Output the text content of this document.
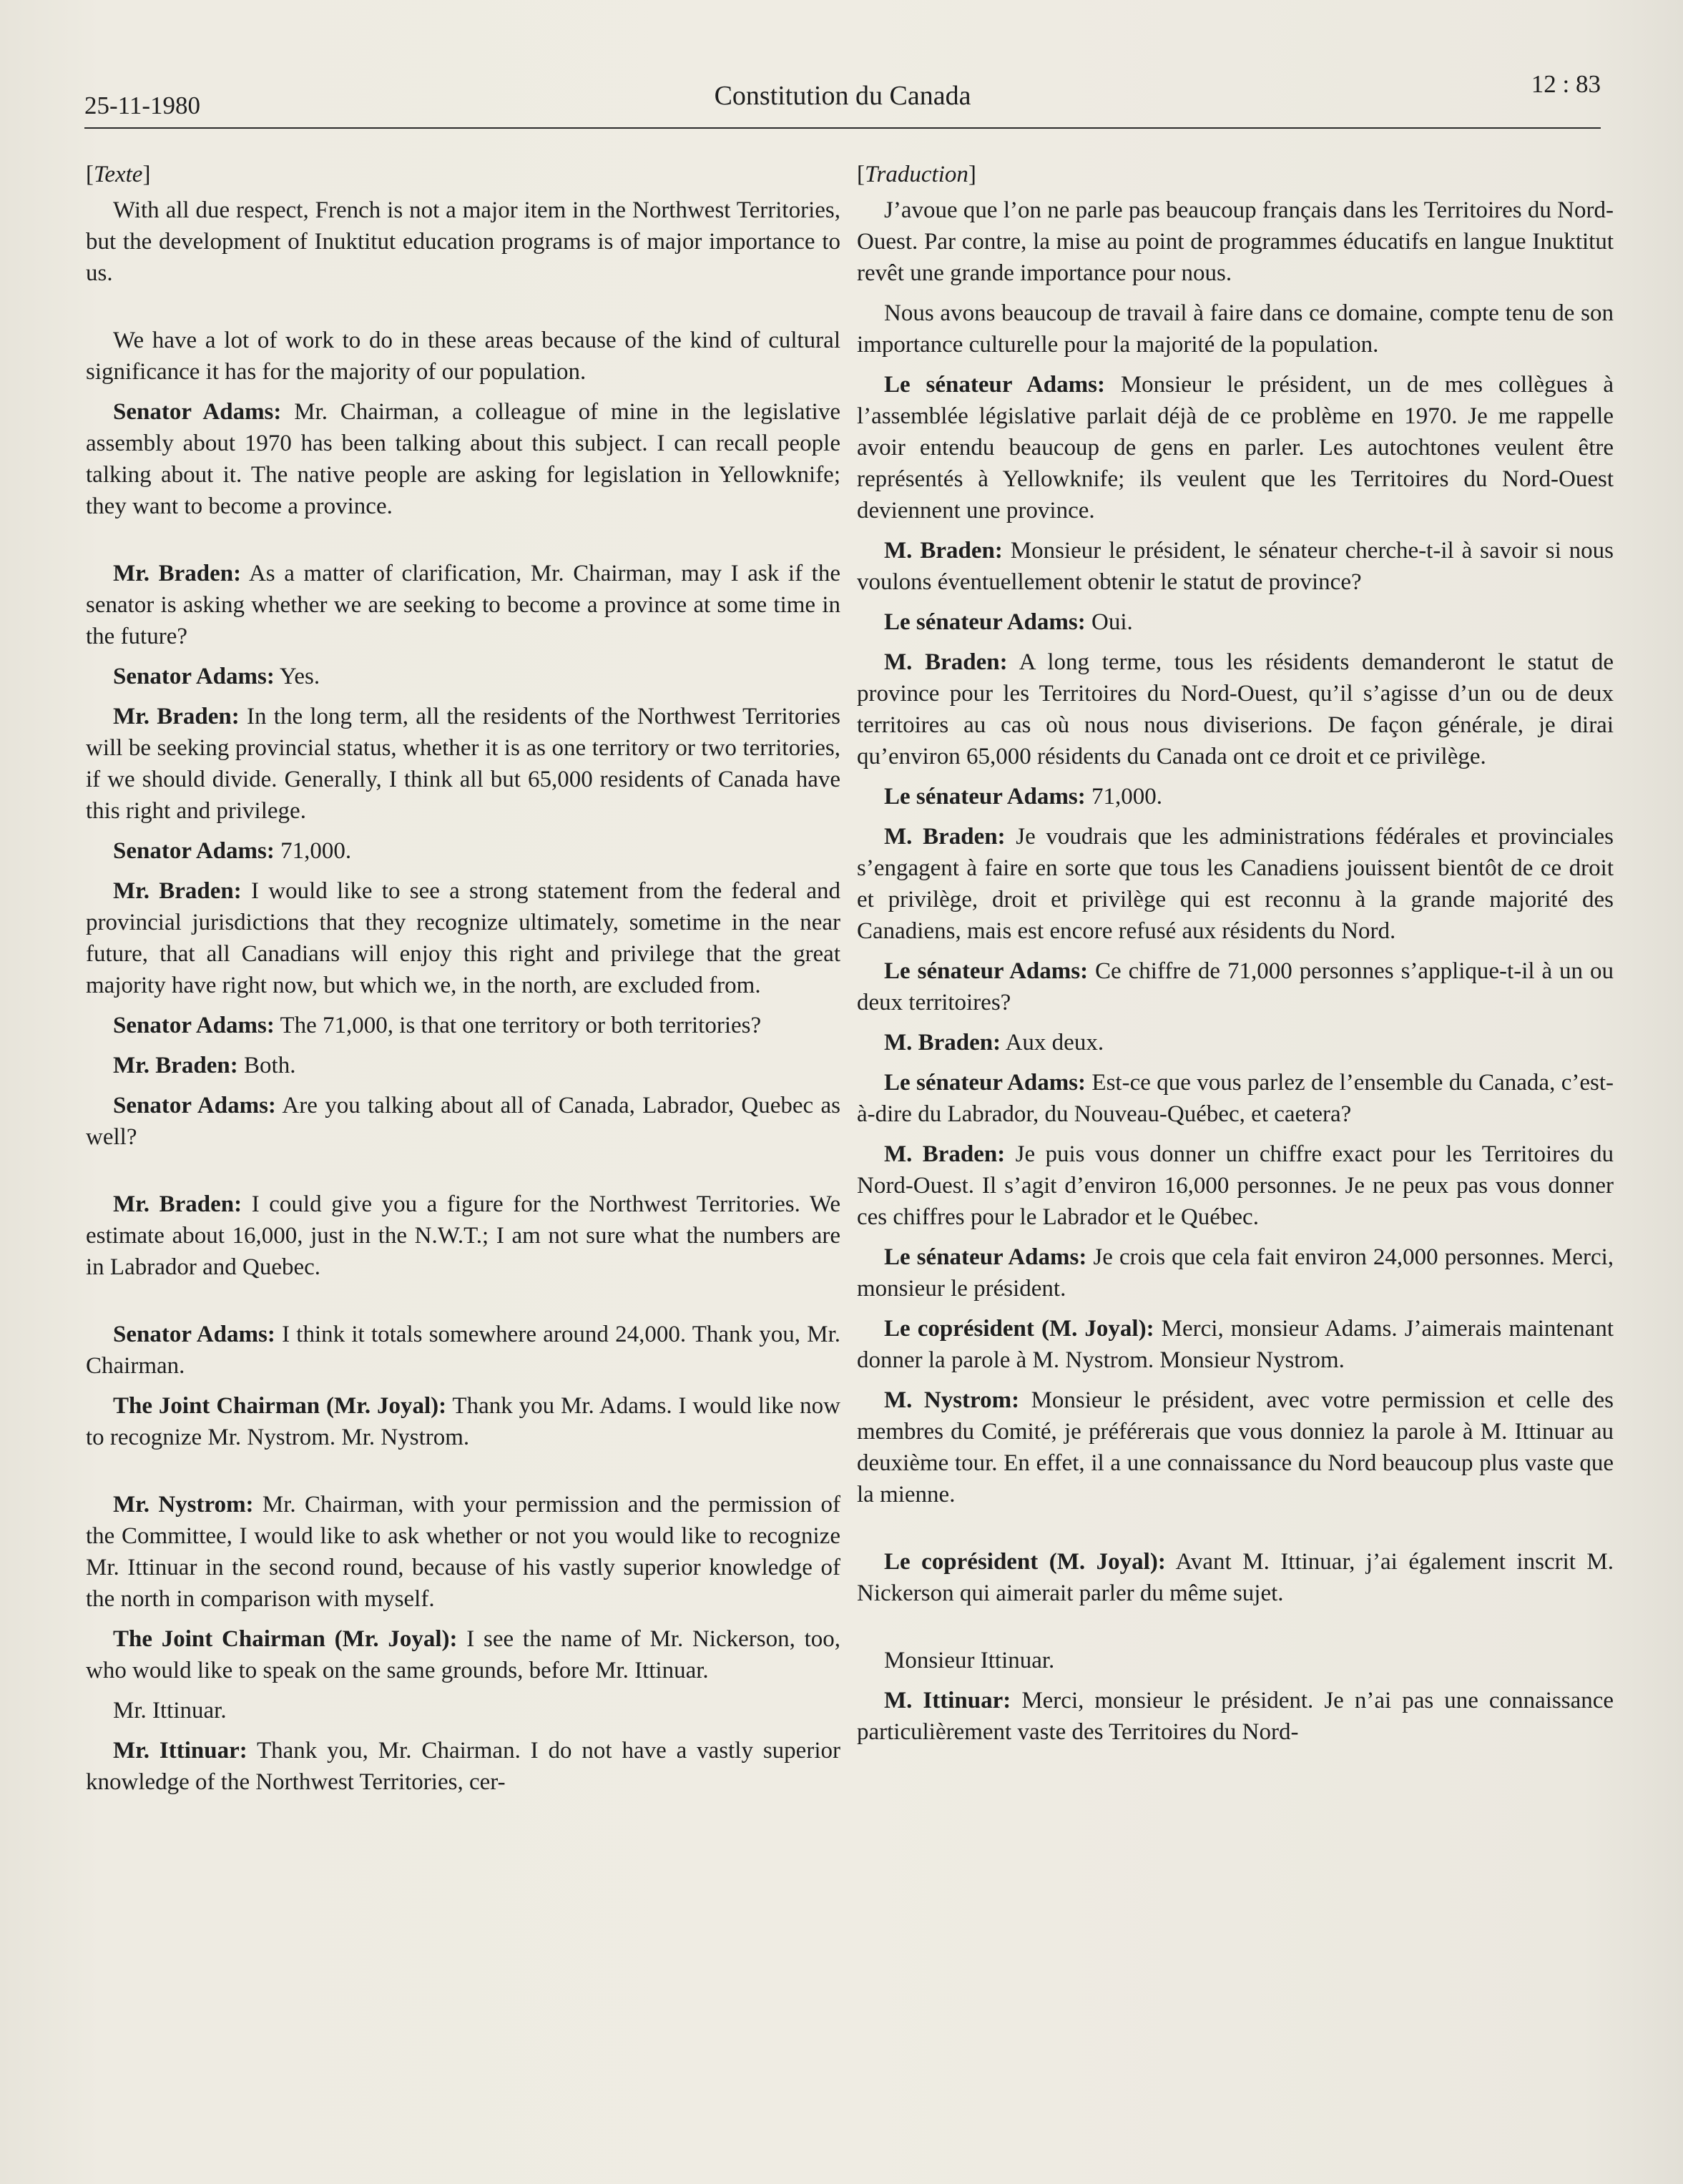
25-11-1980	Constitution du Canada	12 : 83

[Texte]

With all due respect, French is not a major item in the Northwest Territories, but the development of Inuktitut education programs is of major importance to us.

We have a lot of work to do in these areas because of the kind of cultural significance it has for the majority of our population.

Senator Adams: Mr. Chairman, a colleague of mine in the legislative assembly about 1970 has been talking about this subject. I can recall people talking about it. The native people are asking for legislation in Yellowknife; they want to become a province.

Mr. Braden: As a matter of clarification, Mr. Chairman, may I ask if the senator is asking whether we are seeking to become a province at some time in the future?

Senator Adams: Yes.

Mr. Braden: In the long term, all the residents of the Northwest Territories will be seeking provincial status, whether it is as one territory or two territories, if we should divide. Generally, I think all but 65,000 residents of Canada have this right and privilege.

Senator Adams: 71,000.

Mr. Braden: I would like to see a strong statement from the federal and provincial jurisdictions that they recognize ultimately, sometime in the near future, that all Canadians will enjoy this right and privilege that the great majority have right now, but which we, in the north, are excluded from.

Senator Adams: The 71,000, is that one territory or both territories?

Mr. Braden: Both.

Senator Adams: Are you talking about all of Canada, Labrador, Quebec as well?

Mr. Braden: I could give you a figure for the Northwest Territories. We estimate about 16,000, just in the N.W.T.; I am not sure what the numbers are in Labrador and Quebec.

Senator Adams: I think it totals somewhere around 24,000. Thank you, Mr. Chairman.

The Joint Chairman (Mr. Joyal): Thank you Mr. Adams. I would like now to recognize Mr. Nystrom. Mr. Nystrom.

Mr. Nystrom: Mr. Chairman, with your permission and the permission of the Committee, I would like to ask whether or not you would like to recognize Mr. Ittinuar in the second round, because of his vastly superior knowledge of the north in comparison with myself.

The Joint Chairman (Mr. Joyal): I see the name of Mr. Nickerson, too, who would like to speak on the same grounds, before Mr. Ittinuar.

Mr. Ittinuar.

Mr. Ittinuar: Thank you, Mr. Chairman. I do not have a vastly superior knowledge of the Northwest Territories, cer-

[Traduction]

J’avoue que l’on ne parle pas beaucoup français dans les Territoires du Nord-Ouest. Par contre, la mise au point de programmes éducatifs en langue Inuktitut revêt une grande importance pour nous.

Nous avons beaucoup de travail à faire dans ce domaine, compte tenu de son importance culturelle pour la majorité de la population.

Le sénateur Adams: Monsieur le président, un de mes collègues à l’assemblée législative parlait déjà de ce problème en 1970. Je me rappelle avoir entendu beaucoup de gens en parler. Les autochtones veulent être représentés à Yellowknife; ils veulent que les Territoires du Nord-Ouest deviennent une province.

M. Braden: Monsieur le président, le sénateur cherche-t-il à savoir si nous voulons éventuellement obtenir le statut de province?

Le sénateur Adams: Oui.

M. Braden: A long terme, tous les résidents demanderont le statut de province pour les Territoires du Nord-Ouest, qu’il s’agisse d’un ou de deux territoires au cas où nous nous diviserions. De façon générale, je dirai qu’environ 65,000 résidents du Canada ont ce droit et ce privilège.

Le sénateur Adams: 71,000.

M. Braden: Je voudrais que les administrations fédérales et provinciales s’engagent à faire en sorte que tous les Canadiens jouissent bientôt de ce droit et privilège, droit et privilège qui est reconnu à la grande majorité des Canadiens, mais est encore refusé aux résidents du Nord.

Le sénateur Adams: Ce chiffre de 71,000 personnes s’applique-t-il à un ou deux territoires?

M. Braden: Aux deux.

Le sénateur Adams: Est-ce que vous parlez de l’ensemble du Canada, c’est-à-dire du Labrador, du Nouveau-Québec, et caetera?

M. Braden: Je puis vous donner un chiffre exact pour les Territoires du Nord-Ouest. Il s’agit d’environ 16,000 personnes. Je ne peux pas vous donner ces chiffres pour le Labrador et le Québec.

Le sénateur Adams: Je crois que cela fait environ 24,000 personnes. Merci, monsieur le président.

Le coprésident (M. Joyal): Merci, monsieur Adams. J’aimerais maintenant donner la parole à M. Nystrom. Monsieur Nystrom.

M. Nystrom: Monsieur le président, avec votre permission et celle des membres du Comité, je préférerais que vous donniez la parole à M. Ittinuar au deuxième tour. En effet, il a une connaissance du Nord beaucoup plus vaste que la mienne.

Le coprésident (M. Joyal): Avant M. Ittinuar, j’ai également inscrit M. Nickerson qui aimerait parler du même sujet.

Monsieur Ittinuar.

M. Ittinuar: Merci, monsieur le président. Je n’ai pas une connaissance particulièrement vaste des Territoires du Nord-
